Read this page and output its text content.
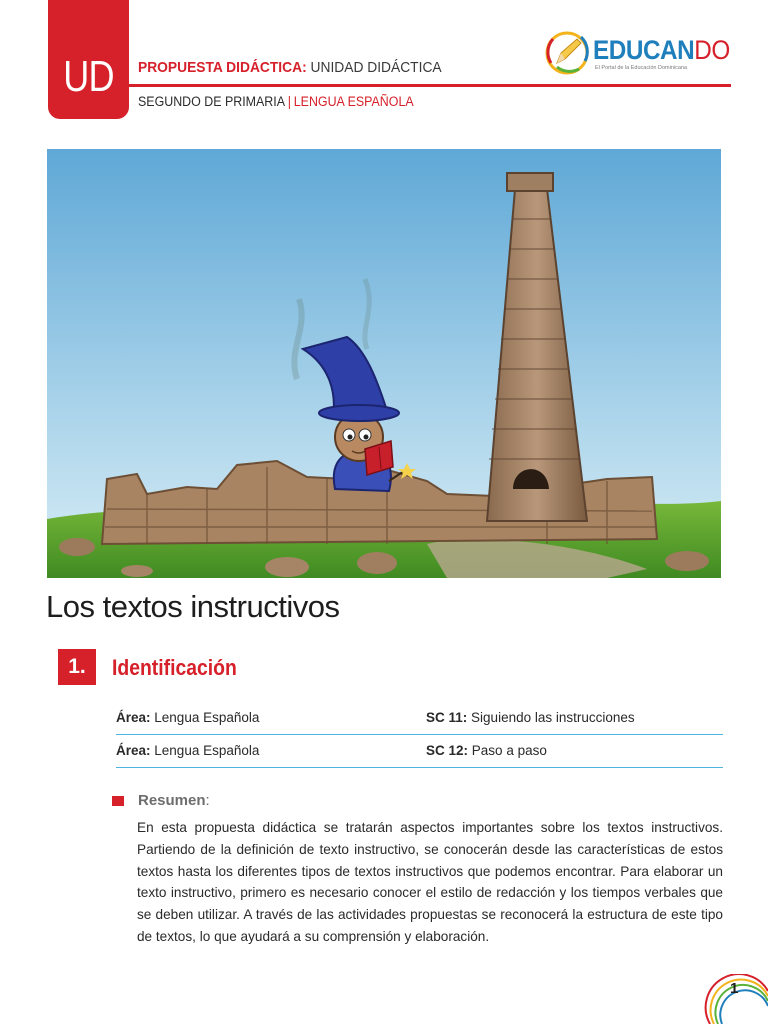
UD	PROPUESTA DIDÁCTICA: UNIDAD DIDÁCTICA
SEGUNDO DE PRIMARIA | LENGUA ESPAÑOLA
EDUCANDO
El Portal de la Educación Dominicana
Los textos instructivos
1.	Identificación
Área: Lengua Española	SC 11: Siguiendo las instrucciones
Área: Lengua Española	SC 12: Paso a paso
Resumen:
En esta propuesta didáctica se tratarán aspectos importantes sobre los textos instructivos. Partiendo de la definición de texto instructivo, se conocerán desde las características de estos textos hasta los diferentes tipos de textos instructivos que podemos encontrar. Para elaborar un texto instructivo, primero es necesario conocer el estilo de redacción y los tiempos verbales que se deben utilizar. A través de las actividades propuestas se reconocerá la estructura de este tipo de textos, lo que ayudará a su comprensión y elaboración.
1
